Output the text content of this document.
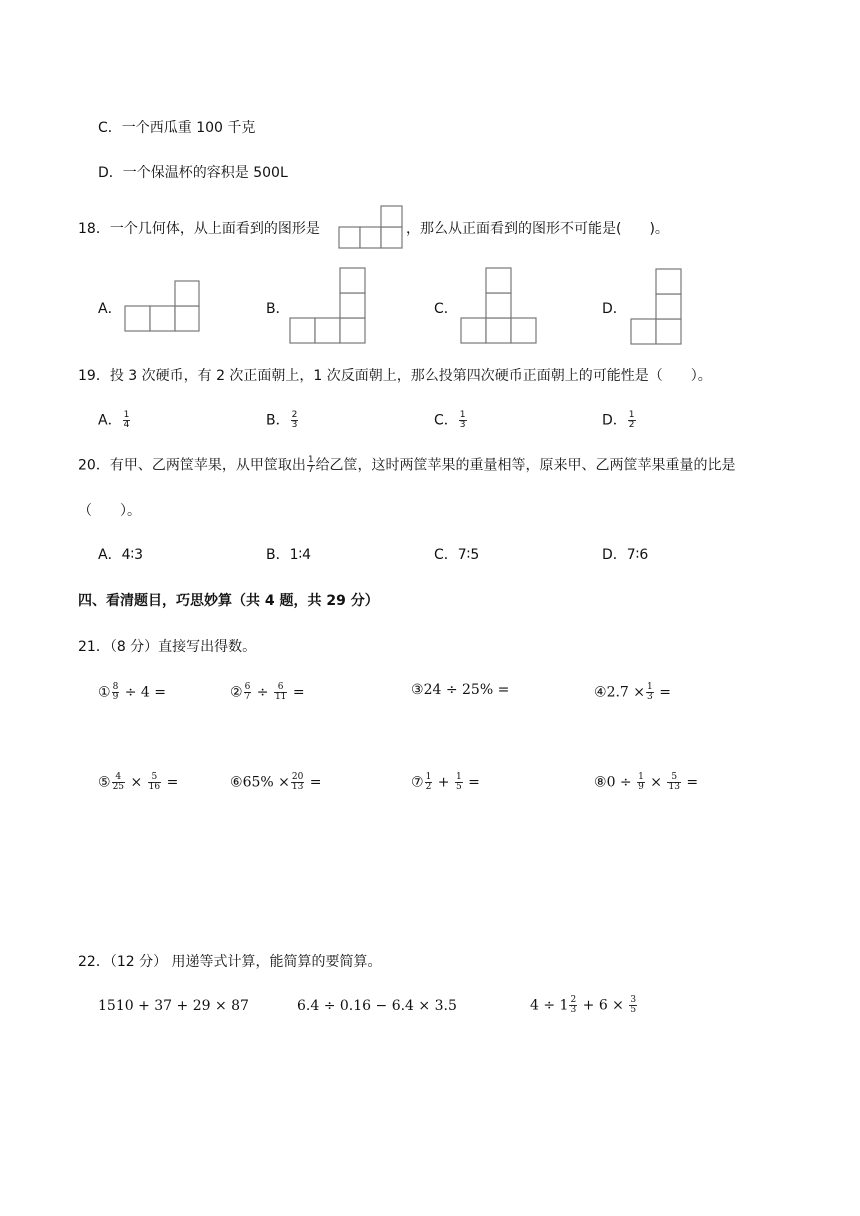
C．一个西瓜重 100 千克
D．一个保温杯的容积是 500L
18．一个几何体，从上面看到的图形是	，那么从正面看到的图形不可能是(　　)。
A．	B．	C．	D．
19．投 3 次硬币，有 2 次正面朝上，1 次反面朝上，那么投第四次硬币正面朝上的可能性是（　　）。
A． $\frac{1}{4}$	B． $\frac{2}{3}$	C． $\frac{1}{3}$	D． $\frac{1}{2}$
20．有甲、乙两筐苹果，从甲筐取出 $\frac{1}{7}$ 给乙筐，这时两筐苹果的重量相等，原来甲、乙两筐苹果重量的比是
（　　）。
A．4∶3	B．1∶4	C．7∶5	D．7∶6
四、看清题目，巧思妙算（共 4 题，共 29 分）
21．（8 分）直接写出得数。
① $\frac{8}{9} \div 4$ =	② $\frac{6}{7} \div \frac{6}{11}$ =	③24 ÷ 25% =	④2.7 × $\frac{1}{3}$ =
⑤ $\frac{4}{25} \times \frac{5}{16}$ =	⑥65% × $\frac{20}{13}$ =	⑦ $\frac{1}{2} + \frac{1}{5}$ =	⑧0 ÷ $\frac{1}{9} \times \frac{5}{13}$ =
22．（12 分） 用递等式计算，能简算的要简算。
1510 + 37 + 29 × 87	6.4 ÷ 0.16 − 6.4 × 3.5	$4 \div 1 \frac{2}{3} + 6 \times \frac{3}{5}$
